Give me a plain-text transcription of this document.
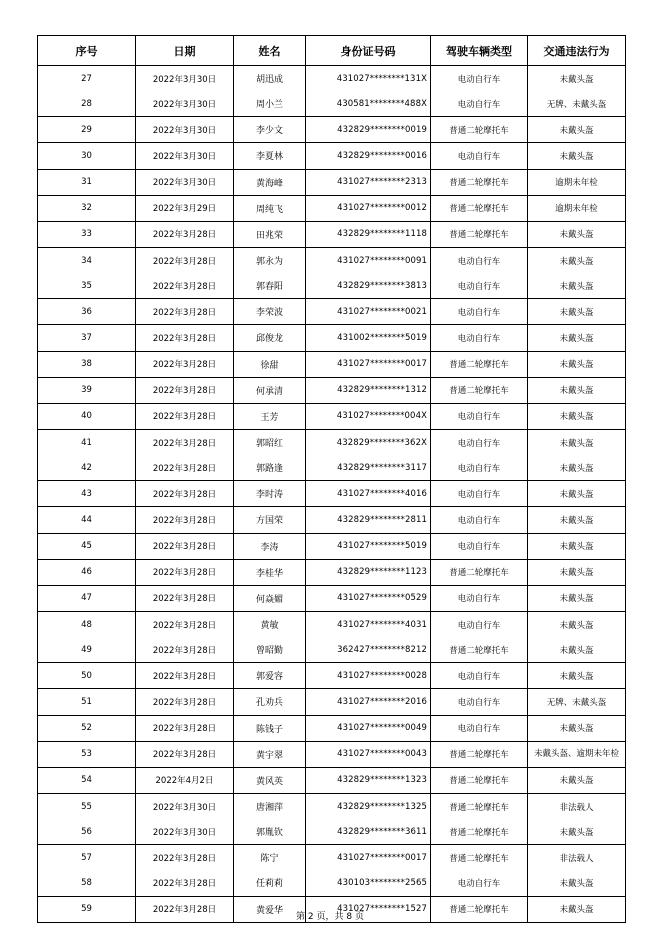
序号	日期	姓名	身份证号码	驾驶车辆类型	交通违法行为
27	2022年3月30日	胡迅成	431027********131X	电动自行车	未戴头盔
28	2022年3月30日	周小兰	430581********488X	电动自行车	无牌、未戴头盔
29	2022年3月30日	李少文	432829********0019	普通二轮摩托车	未戴头盔
30	2022年3月30日	李夏林	432829********0016	电动自行车	未戴头盔
31	2022年3月30日	黄海峰	431027********2313	普通二轮摩托车	逾期未年检
32	2022年3月29日	周纯飞	431027********0012	普通二轮摩托车	逾期未年检
33	2022年3月28日	田兆荣	432829********1118	普通二轮摩托车	未戴头盔
34	2022年3月28日	郭永为	431027********0091	电动自行车	未戴头盔
35	2022年3月28日	郭春阳	432829********3813	电动自行车	未戴头盔
36	2022年3月28日	李荣波	431027********0021	电动自行车	未戴头盔
37	2022年3月28日	邱俊龙	431002********5019	电动自行车	未戴头盔
38	2022年3月28日	徐甜	431027********0017	普通二轮摩托车	未戴头盔
39	2022年3月28日	何承清	432829********1312	普通二轮摩托车	未戴头盔
40	2022年3月28日	王芳	431027********004X	电动自行车	未戴头盔
41	2022年3月28日	郭昭红	432829********362X	电动自行车	未戴头盔
42	2022年3月28日	郭路逢	432829********3117	电动自行车	未戴头盔
43	2022年3月28日	李时涛	431027********4016	电动自行车	未戴头盔
44	2022年3月28日	方国荣	432829********2811	电动自行车	未戴头盔
45	2022年3月28日	李涛	431027********5019	电动自行车	未戴头盔
46	2022年3月28日	李桂华	432829********1123	普通二轮摩托车	未戴头盔
47	2022年3月28日	何焱媚	431027********0529	电动自行车	未戴头盔
48	2022年3月28日	黄敏	431027********4031	电动自行车	未戴头盔
49	2022年3月28日	曾昭勤	362427********8212	普通二轮摩托车	未戴头盔
50	2022年3月28日	郭爱容	431027********0028	电动自行车	未戴头盔
51	2022年3月28日	孔劝兵	431027********2016	电动自行车	无牌、未戴头盔
52	2022年3月28日	陈钱子	431027********0049	电动自行车	未戴头盔
53	2022年3月28日	黄宇翠	431027********0043	普通二轮摩托车	未戴头盔、逾期未年检
54	2022年4月2日	黄风英	432829********1323	普通二轮摩托车	未戴头盔
55	2022年3月30日	唐湘萍	432829********1325	普通二轮摩托车	非法载人
56	2022年3月30日	郭胤钦	432829********3611	普通二轮摩托车	未戴头盔
57	2022年3月28日	陈宁	431027********0017	普通二轮摩托车	非法载人
58	2022年3月28日	任莉莉	430103********2565	电动自行车	未戴头盔
59	2022年3月28日	黄爱华	431027********1527	普通二轮摩托车	未戴头盔
第 2 页，共 8 页
